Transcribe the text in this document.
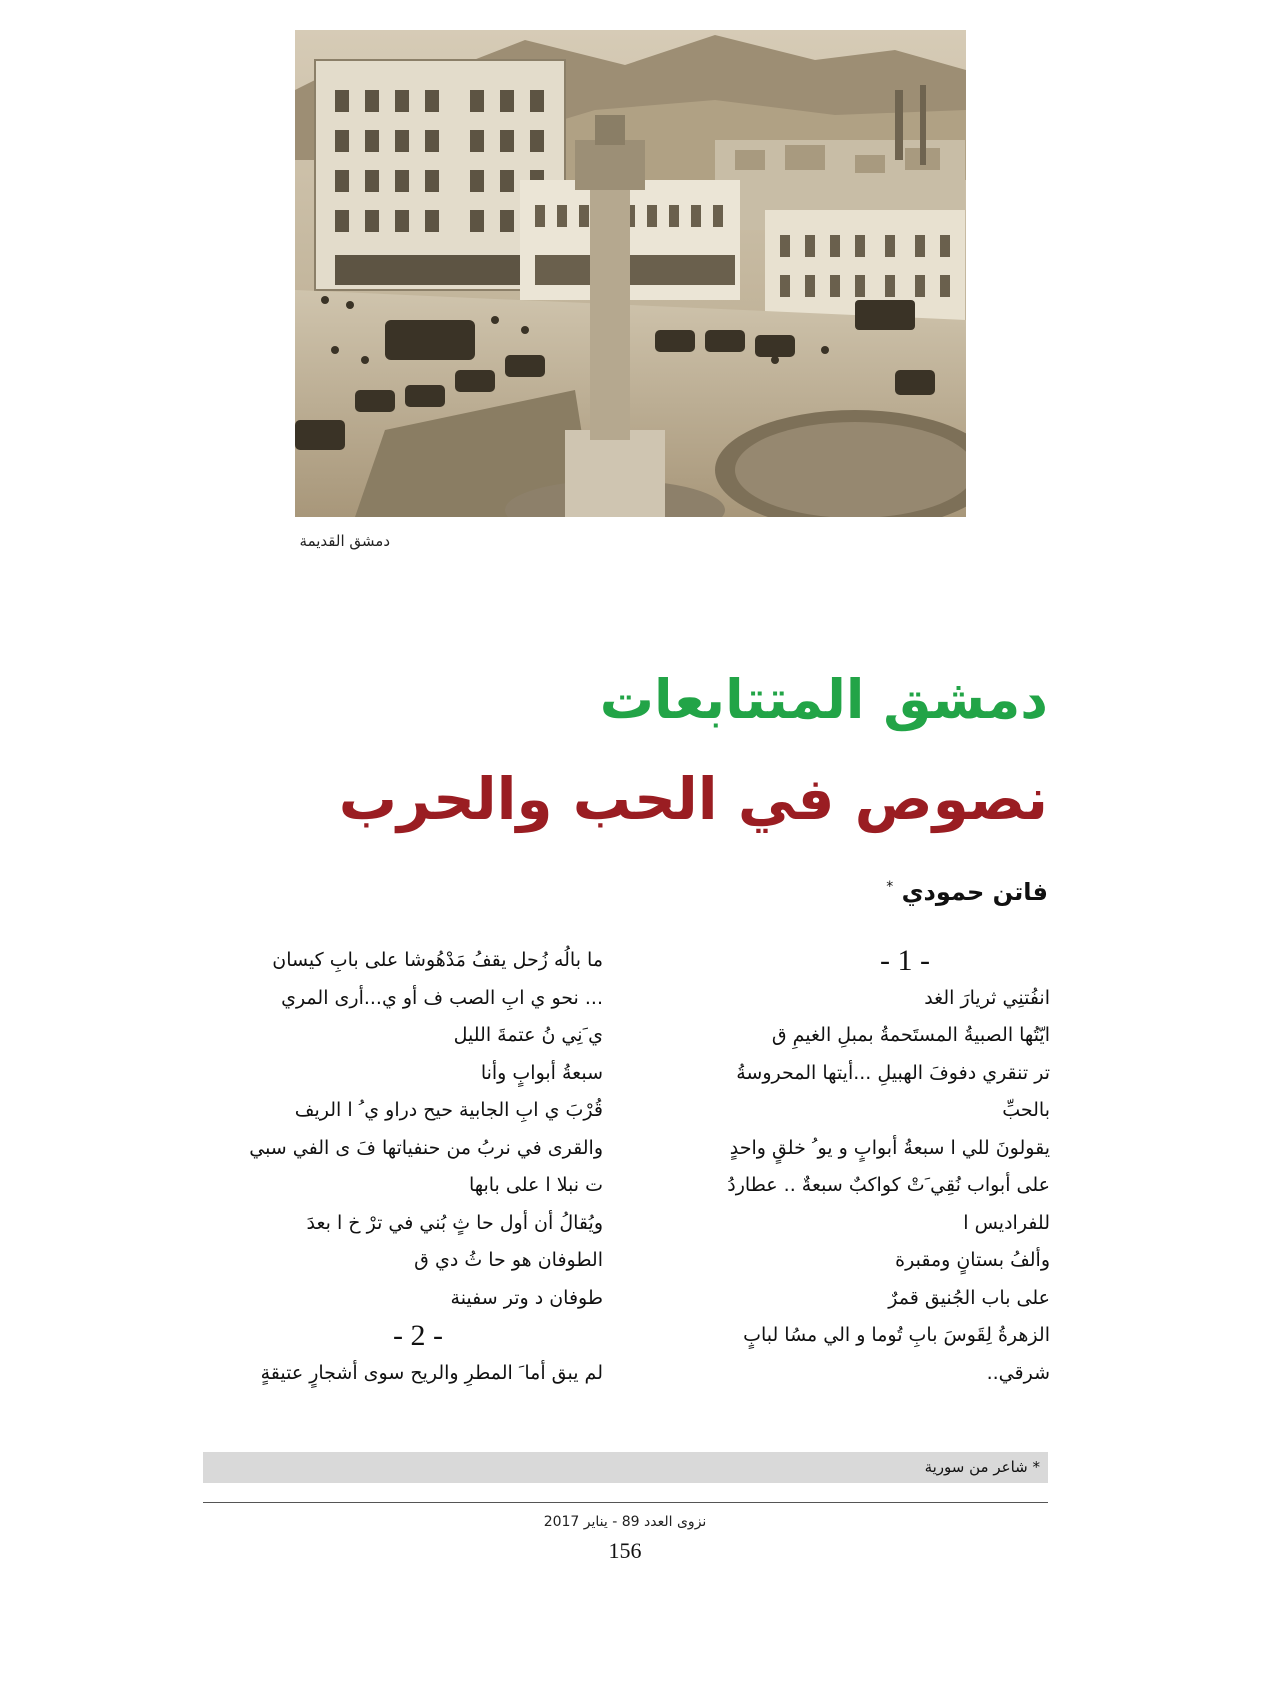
دمشق القديمة
دمشق المتتابعات
نصوص في الحب والحرب
فاتن حمودي *
- 1 -
انفُتنِي ثريارَ الغد
ايّتُها الصبيةُ المستَحمةُ بمبلِ الغيمِ ق
تر تنقري دفوفَ الهبيلِ ...أيتها المحروسةُ
بالحبِّ
يقولونَ للي ا سبعةُ أبوابٍ و يو ُ خلقٍ واحدٍ
على أبواب نُقِي َتْ كواكبٌ سبعةٌ .. عطاردُ
للفراديس ا
وألفُ بستانٍ ومقبرة
على باب الجُنيق قمرٌ
الزهرةُ لِقَوسَ بابِ تُوما و الي مسُا لبابٍ
شرقي..
ما بالُه زُحل يقفُ مَدْهُوشا على بابِ كيسان
... نحو ي ابِ الصب ف أو ي...أرى المري
ي َنِي نُ عتمةَ الليل
سبعةُ أبوابٍ وأنا
قُرْبَ ي ابِ الجابية حيح دراو ي ُ ا الريف
والقرى في نربُ من حنفياتها فَ ى الفي سبي
ت نبلا ا على بابها
ويُقالُ أن أول حا ثٍ بُني في ترْ خ ا بعدَ
الطوفان هو حا ثُ دي ق
طوفان د وتر سفينة
- 2 -
لم يبق أما َ المطرِ والريح سوى أشجارٍ عتيقةٍ
* شاعر من سورية
نزوى العدد 89 - يناير 2017
156
